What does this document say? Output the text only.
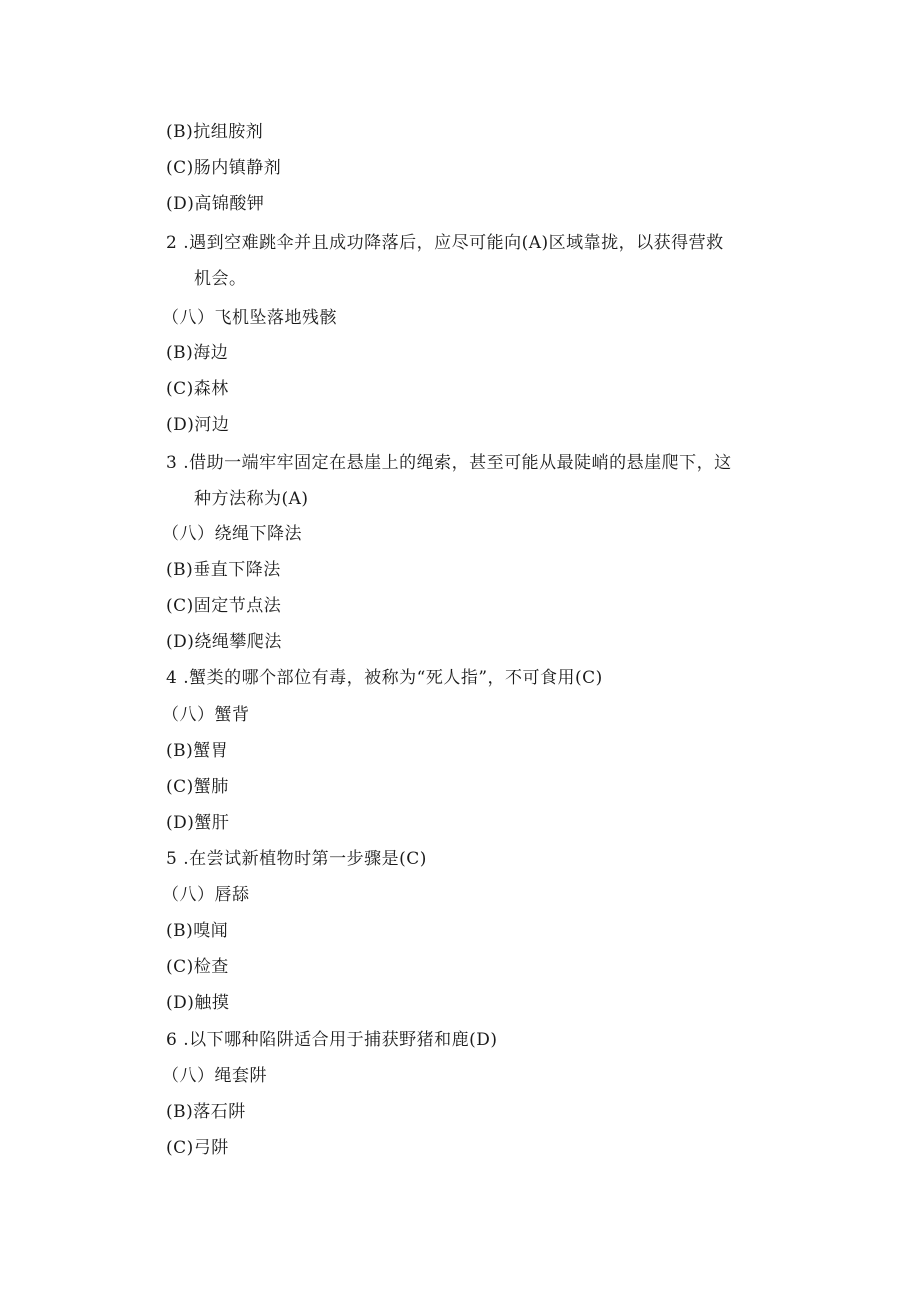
(B)抗组胺剂
(C)肠内镇静剂
(D)高锦酸钾
2 .遇到空难跳伞并且成功降落后，应尽可能向(A)区域靠拢，以获得营救
机会。
（八）飞机坠落地残骸
(B)海边
(C)森林
(D)河边
3 .借助一端牢牢固定在悬崖上的绳索，甚至可能从最陡峭的悬崖爬下，这
种方法称为(A)
（八）绕绳下降法
(B)垂直下降法
(C)固定节点法
(D)绕绳攀爬法
4 .蟹类的哪个部位有毒，被称为“死人指”，不可食用(C)
（八）蟹背
(B)蟹胃
(C)蟹肺
(D)蟹肝
5 .在尝试新植物时第一步骤是(C)
（八）唇舔
(B)嗅闻
(C)检查
(D)触摸
6 .以下哪种陷阱适合用于捕获野猪和鹿(D)
（八）绳套阱
(B)落石阱
(C)弓阱
